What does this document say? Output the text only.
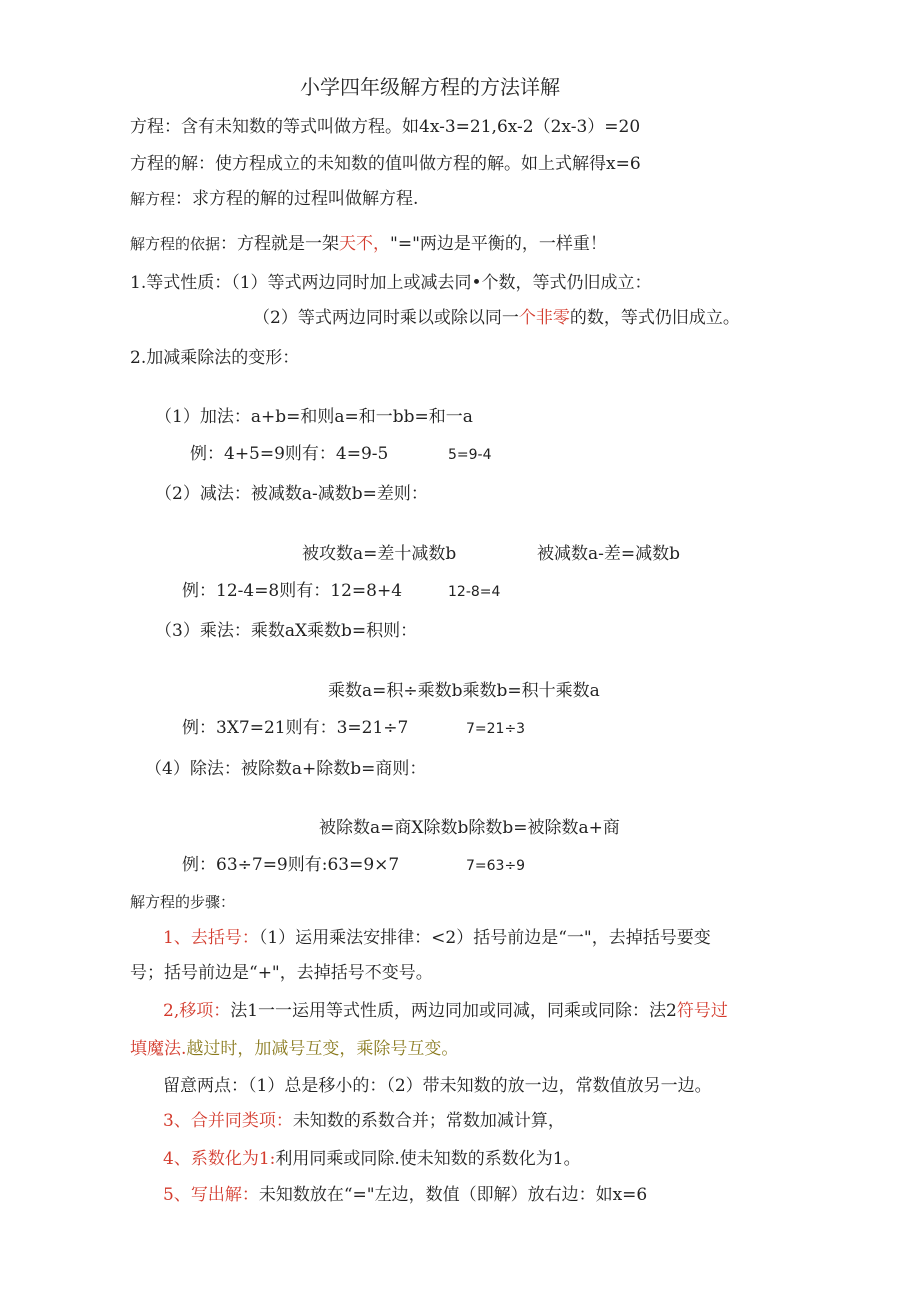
小学四年级解方程的方法详解
方程：含有未知数的等式叫做方程。如4x-3=21,6x-2（2x-3）=20
方程的解：使方程成立的未知数的值叫做方程的解。如上式解得x=6
解方程：求方程的解的过程叫做解方程.
解方程的依据：方程就是一架天不，"="两边是平衡的，一样重！
1.等式性质：（1）等式两边同时加上或减去同•个数，等式仍旧成立：
（2）等式两边同时乘以或除以同一个非零的数，等式仍旧成立。
2.加减乘除法的变形：
（1）加法：a+b=和则a=和一bb=和一a
例：4+5=9则有：4=9-5	5=9-4
（2）减法：被减数a-减数b=差则：
被攻数a=差十减数b	被减数a-差=减数b
例：12-4=8则有：12=8+4	12-8=4
（3）乘法：乘数aX乘数b=积则：
乘数a=积÷乘数b乘数b=积十乘数a
例：3X7=21则有：3=21÷7	7=21÷3
（4）除法：被除数a+除数b=商则：
被除数a=商X除数b除数b=被除数a+商
例：63÷7=9则有:63=9×7	7=63÷9
解方程的步骤：
1、去括号：（1）运用乘法安排律：<2）括号前边是“一"，去掉括号要变
号；括号前边是“+"，去掉括号不变号。
2,移项：法1一一运用等式性质，两边同加或同减，同乘或同除：法2符号过
填魔法.越过时，加减号互变，乘除号互变。
留意两点：（1）总是移小的：（2）带未知数的放一边，常数值放另一边。
3、合并同类项：未知数的系数合并；常数加减计算，
4、系数化为1:利用同乘或同除.使未知数的系数化为1。
5、写出解：未知数放在“="左边，数值（即解）放右边：如x=6
